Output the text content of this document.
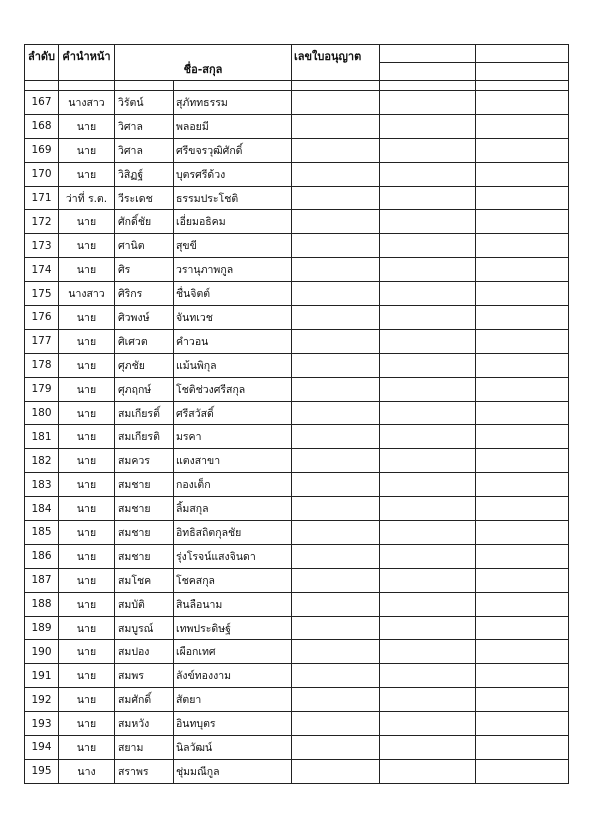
ลำดับ	คำนำหน้า	ชื่อ-สกุล		เลขใบอนุญาต		

167	นางสาว	วิรัตน์	สุภัททธรรม			
168	นาย	วิศาล	พลอยมี			
169	นาย	วิศาล	ศรีขจรวุฒิศักดิ์			
170	นาย	วิสิฏฐ์	บุตรศรีด้วง			
171	ว่าที่ ร.ต.	วีระเดช	ธรรมประโชติ			
172	นาย	ศักดิ์ชัย	เอี่ยมอธิคม			
173	นาย	ศานิต	สุขขี			
174	นาย	ศิร	วรานุภาพกูล			
175	นางสาว	ศิริกร	ชื่นจิตต์			
176	นาย	ศิวพงษ์	จันทเวช			
177	นาย	ศิเศวต	คำวอน			
178	นาย	ศุภชัย	แม้นพิกุล			
179	นาย	ศุภฤกษ์	โชติช่วงศรีสกุล			
180	นาย	สมเกียรติ์	ศรีสวัสดิ์			
181	นาย	สมเกียรติ	มรคา			
182	นาย	สมควร	แตงสาขา			
183	นาย	สมชาย	กองเต็ก			
184	นาย	สมชาย	ลิ้มสกุล			
185	นาย	สมชาย	อิทธิสถิตกุลชัย			
186	นาย	สมชาย	รุ่งโรจน์แสงจินดา			
187	นาย	สมโชค	โชคสกุล			
188	นาย	สมบัติ	สินลือนาม			
189	นาย	สมบูรณ์	เทพประดิษฐ์			
190	นาย	สมปอง	เผือกเทศ			
191	นาย	สมพร	ลังข์ทองงาม			
192	นาย	สมศักดิ์	สัตยา			
193	นาย	สมหวัง	อินทบุตร			
194	นาย	สยาม	นิลวัฒน์			
195	นาง	สราพร	ชุ่มมณีกูล			
